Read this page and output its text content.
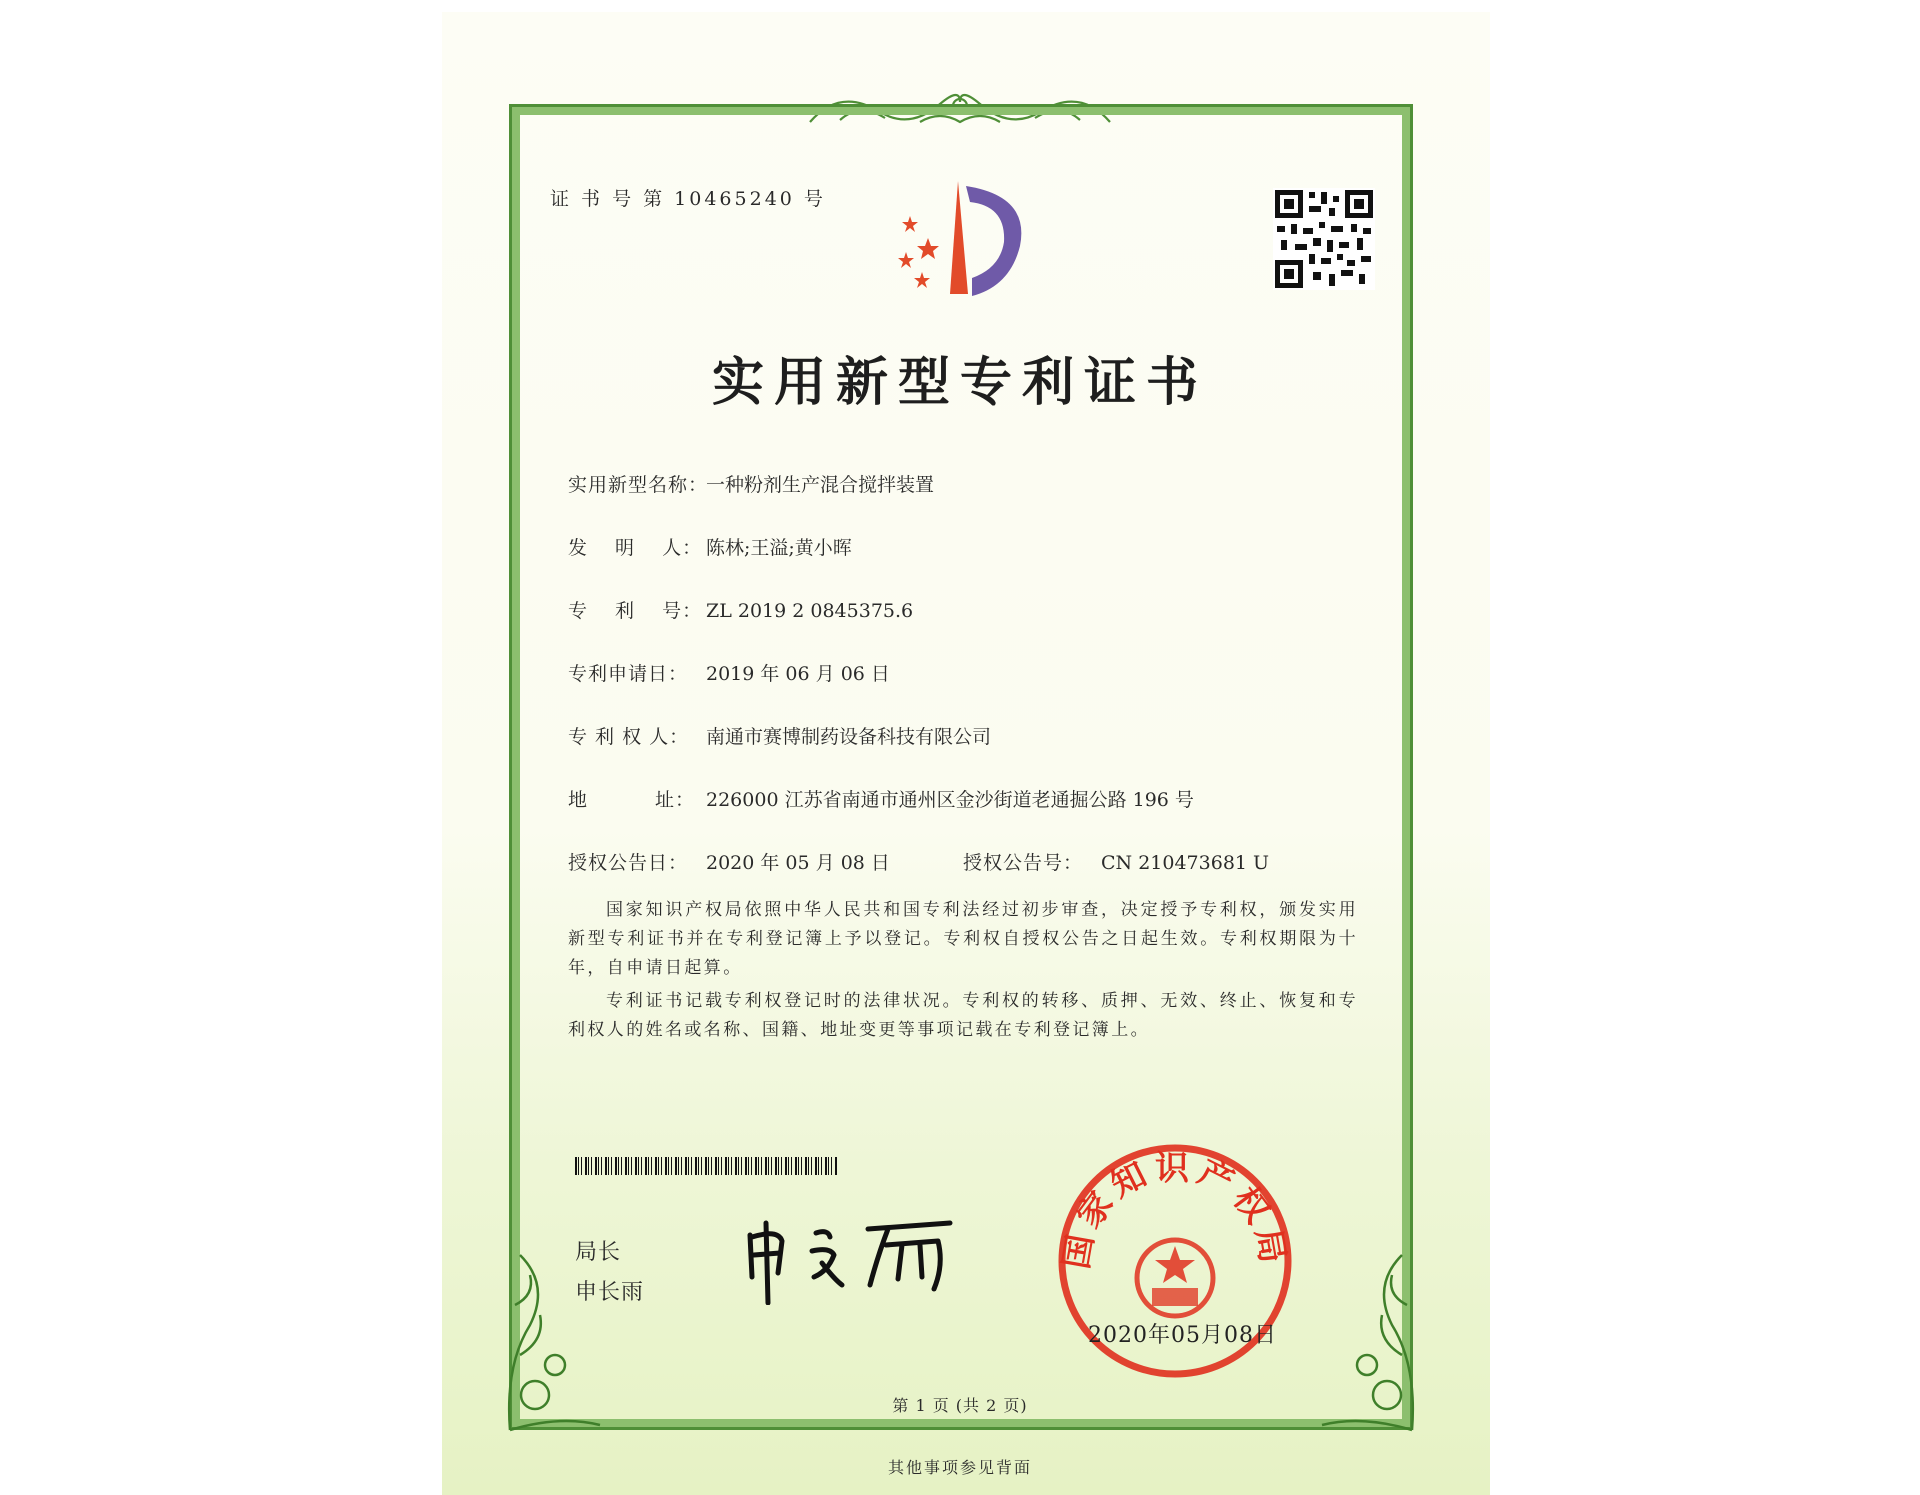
证 书 号 第 10465240 号
实用新型专利证书
实用新型名称：一种粉剂生产混合搅拌装置
发　 明　 人： 陈林;王溢;黄小晖
专　 利　 号： ZL 2019 2 0845375.6
专利申请日： 2019 年 06 月 06 日
专 利 权 人： 南通市赛博制药设备科技有限公司
地　　　 址： 226000 江苏省南通市通州区金沙街道老通掘公路 196 号
授权公告日： 2020 年 05 月 08 日	授权公告号： CN 210473681 U
国家知识产权局依照中华人民共和国专利法经过初步审查，决定授予专利权，颁发实用新型专利证书并在专利登记簿上予以登记。专利权自授权公告之日起生效。专利权期限为十年，自申请日起算。
专利证书记载专利权登记时的法律状况。专利权的转移、质押、无效、终止、恢复和专利权人的姓名或名称、国籍、地址变更等事项记载在专利登记簿上。
局长
申长雨
国家知识产权局
2020年05月08日
第 1 页 (共 2 页)
其他事项参见背面
